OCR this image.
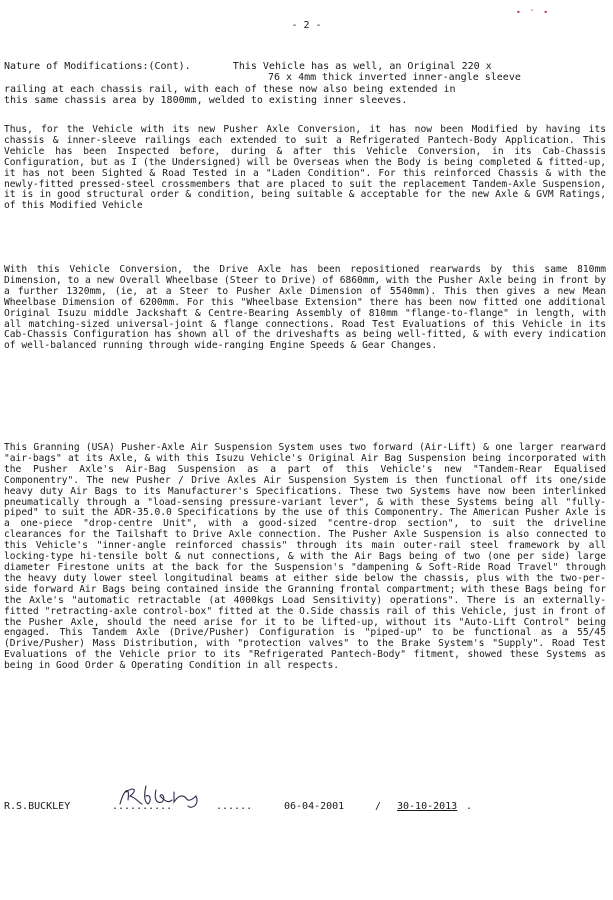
• ' •
- 2 -
Nature of Modifications:(Cont).	This Vehicle has as well, an Original 220 x
76 x 4mm thick inverted inner-angle sleeve
railing at each chassis rail, with each of these now also being extended in
this same chassis area by 1800mm, welded to existing inner sleeves.
Thus, for the Vehicle with its new Pusher Axle Conversion, it has now been Modified by having its chassis & inner-sleeve railings each extended to suit a Refrigerated Pantech-Body Application. This Vehicle has been Inspected before, during & after this Vehicle Conversion, in its Cab-Chassis Configuration, but as I (the Undersigned) will be Overseas when the Body is being completed & fitted-up, it has not been Sighted & Road Tested in a "Laden Condition". For this reinforced Chassis & with the newly-fitted pressed-steel crossmembers that are placed to suit the replacement Tandem-Axle Suspension, it is in good structural order & condition, being suitable & acceptable for the new Axle & GVM Ratings, of this Modified Vehicle
With this Vehicle Conversion, the Drive Axle has been repositioned rearwards by this same 810mm Dimension, to a new Overall Wheelbase (Steer to Drive) of 6860mm, with the Pusher Axle being in front by a further 1320mm, (ie, at a Steer to Pusher Axle Dimension of 5540mm). This then gives a new Mean Wheelbase Dimension of 6200mm. For this "Wheelbase Extension" there has been now fitted one additional Original Isuzu middle Jackshaft & Centre-Bearing Assembly of 810mm "flange-to-flange" in length, with all matching-sized universal-joint & flange connections. Road Test Evaluations of this Vehicle in its Cab-Chassis Configuration has shown all of the driveshafts as being well-fitted, & with every indication of well-balanced running through wide-ranging Engine Speeds & Gear Changes.
This Granning (USA) Pusher-Axle Air Suspension System uses two forward (Air-Lift) & one larger rearward "air-bags" at its Axle, & with this Isuzu Vehicle's Original Air Bag Suspension being incorporated with the Pusher Axle's Air-Bag Suspension as a part of this Vehicle's new "Tandem-Rear Equalised Componentry". The new Pusher / Drive Axles Air Suspension System is then functional off its one/side heavy duty Air Bags to its Manufacturer's Specifications. These two Systems have now been interlinked pneumatically through a "load-sensing pressure-variant lever", & with these Systems being all "fully-piped" to suit the ADR-35.0.0 Specifications by the use of this Componentry. The American Pusher Axle is a one-piece "drop-centre Unit", with a good-sized "centre-drop section", to suit the driveline clearances for the Tailshaft to Drive Axle connection. The Pusher Axle Suspension is also connected to this Vehicle's "inner-angle reinforced chassis" through its main outer-rail steel framework by all locking-type hi-tensile bolt & nut connections, & with the Air Bags being of two (one per side) large diameter Firestone units at the back for the Suspension's "dampening & Soft-Ride Road Travel" through the heavy duty lower steel longitudinal beams at either side below the chassis, plus with the two-per-side forward Air Bags being contained inside the Granning frontal compartment; with these Bags being for the Axle's "automatic retractable (at 4000kgs Load Sensitivity) operations". There is an externally-fitted "retracting-axle control-box" fitted at the O.Side chassis rail of this Vehicle, just in front of the Pusher Axle, should the need arise for it to be lifted-up, without its "Auto-Lift Control" being engaged. This Tandem Axle (Drive/Pusher) Configuration is "piped-up" to be functional as a 55/45 (Drive/Pusher) Mass Distribution, with "protection valves" to the Brake System's "Supply". Road Test Evaluations of the Vehicle prior to its "Refrigerated Pantech-Body" fitment, showed these Systems as being in Good Order & Operating Condition in all respects.

R.S.BUCKLEY

	..........

	......

	06-04-2001

	/

30-10-2013

.
